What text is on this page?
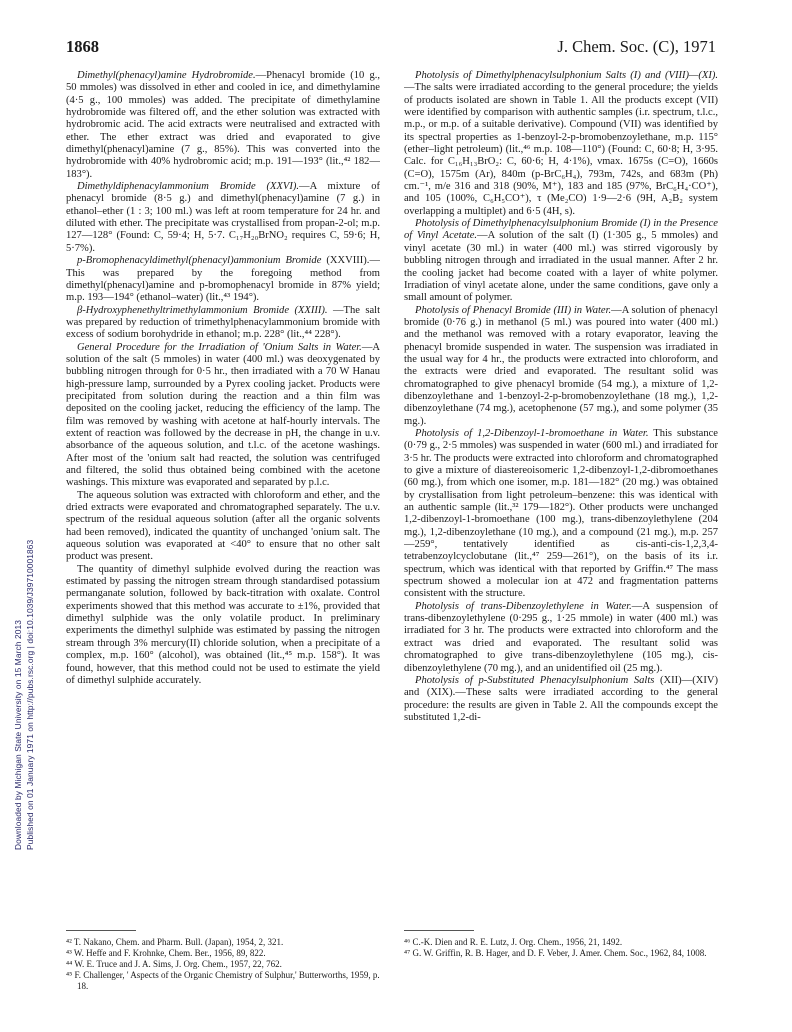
1868	J. Chem. Soc. (C), 1971
Published on 01 January 1971 on http://pubs.rsc.org | doi:10.1039/J39710001863
Downloaded by Michigan State University on 15 March 2013

Dimethyl(phenacyl)amine Hydrobromide.—Phenacyl bromide (10 g., 50 mmoles) was dissolved in ether and cooled in ice, and dimethylamine (4·5 g., 100 mmoles) was added. The precipitate of dimethylamine hydrobromide was filtered off, and the ether solution was extracted with hydrobromic acid. The acid extracts were neutralised and extracted with ether. The ether extract was dried and evaporated to give dimethyl(phenacyl)amine (7 g., 85%). This was converted into the hydrobromide with 40% hydrobromic acid; m.p. 191—193° (lit.,⁴² 182—183°).

Dimethyldiphenacylammonium Bromide (XXVI).—A mixture of phenacyl bromide (8·5 g.) and dimethyl(phenacyl)amine (7 g.) in ethanol–ether (1 : 3; 100 ml.) was left at room temperature for 24 hr. and diluted with ether. The precipitate was crystallised from propan-2-ol; m.p. 127—128° (Found: C, 59·4; H, 5·7. C₁₇H₂₀BrNO₂ requires C, 59·6; H, 5·7%).

p-Bromophenacyldimethyl(phenacyl)ammonium Bromide (XXVIII).—This was prepared by the foregoing method from dimethyl(phenacyl)amine and p-bromophenacyl bromide in 87% yield; m.p. 193—194° (ethanol–water) (lit.,⁴³ 194°).

β-Hydroxyphenethyltrimethylammonium Bromide (XXIII). —The salt was prepared by reduction of trimethylphenacylammonium bromide with excess of sodium borohydride in ethanol; m.p. 228° (lit.,⁴⁴ 228°).

General Procedure for the Irradiation of 'Onium Salts in Water.—A solution of the salt (5 mmoles) in water (400 ml.) was deoxygenated by bubbling nitrogen through for 0·5 hr., then irradiated with a 70 W Hanau high-pressure lamp, surrounded by a Pyrex cooling jacket. Products were precipitated from solution during the reaction and a thin film was deposited on the cooling jacket, reducing the efficiency of the lamp. The film was removed by washing with acetone at half-hourly intervals. The extent of reaction was followed by the decrease in pH, the change in u.v. absorbance of the aqueous solution, and t.l.c. of the acetone washings. After most of the 'onium salt had reacted, the solution was centrifuged and filtered, the solid thus obtained being combined with the acetone washings. This mixture was evaporated and separated by p.l.c.

The aqueous solution was extracted with chloroform and ether, and the dried extracts were evaporated and chromatographed separately. The u.v. spectrum of the residual aqueous solution (after all the organic solvents had been removed), indicated the quantity of unchanged 'onium salt. The aqueous solution was evaporated at <40° to ensure that no other salt product was present.

The quantity of dimethyl sulphide evolved during the reaction was estimated by passing the nitrogen stream through standardised potassium permanganate solution, followed by back-titration with oxalate. Control experiments showed that this method was accurate to ±1%, provided that dimethyl sulphide was the only volatile product. In preliminary experiments the dimethyl sulphide was estimated by passing the nitrogen stream through 3% mercury(II) chloride solution, when a precipitate of a complex, m.p. 160° (alcohol), was obtained (lit.,⁴⁵ m.p. 158°). It was found, however, that this method could not be used to estimate the yield of dimethyl sulphide accurately.

Photolysis of Dimethylphenacylsulphonium Salts (I) and (VIII)—(XI).—The salts were irradiated according to the general procedure; the yields of products isolated are shown in Table 1. All the products except (VII) were identified by comparison with authentic samples (i.r. spectrum, t.l.c., m.p., or m.p. of a suitable derivative). Compound (VII) was identified by its spectral properties as 1-benzoyl-2-p-bromobenzoylethane, m.p. 115° (ether–light petroleum) (lit.,⁴⁶ m.p. 108—110°) (Found: C, 60·8; H, 3·95. Calc. for C₁₆H₁₃BrO₂: C, 60·6; H, 4·1%), νmax. 1675s (C=O), 1660s (C=O), 1575m (Ar), 840m (p-BrC₆H₄), 793m, 742s, and 683m (Ph) cm.⁻¹, m/e 316 and 318 (90%, M⁺), 183 and 185 (97%, BrC₆H₄·CO⁺), and 105 (100%, C₆H₅CO⁺), τ (Me₂CO) 1·9—2·6 (9H, A₂B₂ system overlapping a multiplet) and 6·5 (4H, s).

Photolysis of Dimethylphenacylsulphonium Bromide (I) in the Presence of Vinyl Acetate.—A solution of the salt (I) (1·305 g., 5 mmoles) and vinyl acetate (30 ml.) in water (400 ml.) was stirred vigorously by bubbling nitrogen through and irradiated in the usual manner. After 2 hr. the cooling jacket had become coated with a layer of white polymer. Irradiation of vinyl acetate alone, under the same conditions, gave only a small amount of polymer.

Photolysis of Phenacyl Bromide (III) in Water.—A solution of phenacyl bromide (0·76 g.) in methanol (5 ml.) was poured into water (400 ml.) and the methanol was removed with a rotary evaporator, leaving the phenacyl bromide suspended in water. The suspension was irradiated in the usual way for 4 hr., the products were extracted into chloroform, and the extracts were dried and evaporated. The resultant solid was chromatographed to give phenacyl bromide (54 mg.), a mixture of 1,2-dibenzoylethane and 1-benzoyl-2-p-bromobenzoylethane (18 mg.), 1,2-dibenzoylethane (74 mg.), acetophenone (57 mg.), and some polymer (35 mg.).

Photolysis of 1,2-Dibenzoyl-1-bromoethane in Water. This substance (0·79 g., 2·5 mmoles) was suspended in water (600 ml.) and irradiated for 3·5 hr. The products were extracted into chloroform and chromatographed to give a mixture of diastereoisomeric 1,2-dibenzoyl-1,2-dibromoethanes (60 mg.), from which one isomer, m.p. 181—182° (20 mg.) was obtained by crystallisation from light petroleum–benzene: this was identical with an authentic sample (lit.,³² 179—182°). Other products were unchanged 1,2-dibenzoyl-1-bromoethane (100 mg.), trans-dibenzoylethylene (204 mg.), 1,2-dibenzoylethane (10 mg.), and a compound (21 mg.), m.p. 257—259°, tentatively identified as cis-anti-cis-1,2,3,4-tetrabenzoylcyclobutane (lit.,⁴⁷ 259—261°), on the basis of its i.r. spectrum, which was identical with that reported by Griffin.⁴⁷ The mass spectrum showed a molecular ion at 472 and fragmentation patterns consistent with the structure.

Photolysis of trans-Dibenzoylethylene in Water.—A suspension of trans-dibenzoylethylene (0·295 g., 1·25 mmole) in water (400 ml.) was irradiated for 3 hr. The products were extracted into chloroform and the extract was dried and evaporated. The resultant solid was chromatographed to give trans-dibenzoylethylene (105 mg.), cis-dibenzoylethylene (70 mg.), and an unidentified oil (25 mg.).

Photolysis of p-Substituted Phenacylsulphonium Salts (XII)—(XIV) and (XIX).—These salts were irradiated according to the general procedure: the results are given in Table 2. All the compounds except the substituted 1,2-di-

⁴² T. Nakano, Chem. and Pharm. Bull. (Japan), 1954, 2, 321.
⁴³ W. Heffe and F. Krohnke, Chem. Ber., 1956, 89, 822.
⁴⁴ W. E. Truce and J. A. Sims, J. Org. Chem., 1957, 22, 762.
⁴⁵ F. Challenger, ' Aspects of the Organic Chemistry of Sulphur,' Butterworths, 1959, p. 18.
⁴⁶ C.-K. Dien and R. E. Lutz, J. Org. Chem., 1956, 21, 1492.
⁴⁷ G. W. Griffin, R. B. Hager, and D. F. Veber, J. Amer. Chem. Soc., 1962, 84, 1008.
